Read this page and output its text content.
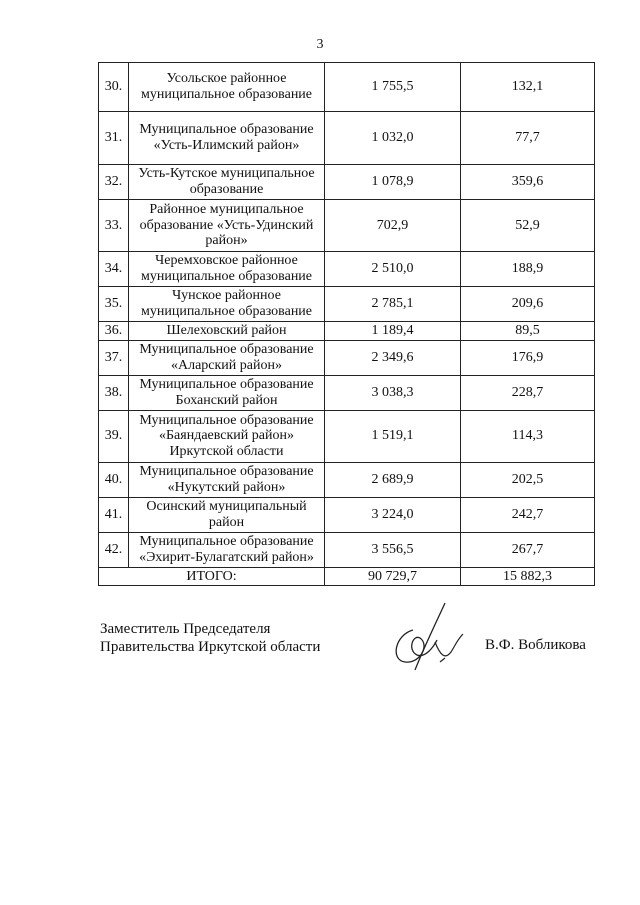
3
30.	Усольское районное муниципальное образование	1 755,5	132,1
31.	Муниципальное образование «Усть-Илимский район»	1 032,0	77,7
32.	Усть-Кутское муниципальное образование	1 078,9	359,6
33.	Районное муниципальное образование «Усть-Удинский район»	702,9	52,9
34.	Черемховское районное муниципальное образование	2 510,0	188,9
35.	Чунское районное муниципальное образование	2 785,1	209,6
36.	Шелеховский район	1 189,4	89,5
37.	Муниципальное образование «Аларский район»	2 349,6	176,9
38.	Муниципальное образование Боханский район	3 038,3	228,7
39.	Муниципальное образование «Баяндаевский район» Иркутской области	1 519,1	114,3
40.	Муниципальное образование «Нукутский район»	2 689,9	202,5
41.	Осинский муниципальный район	3 224,0	242,7
42.	Муниципальное образование «Эхирит-Булагатский район»	3 556,5	267,7
ИТОГО:		90 729,7	15 882,3
Заместитель Председателя
Правительства Иркутской области	В.Ф. Вобликова
